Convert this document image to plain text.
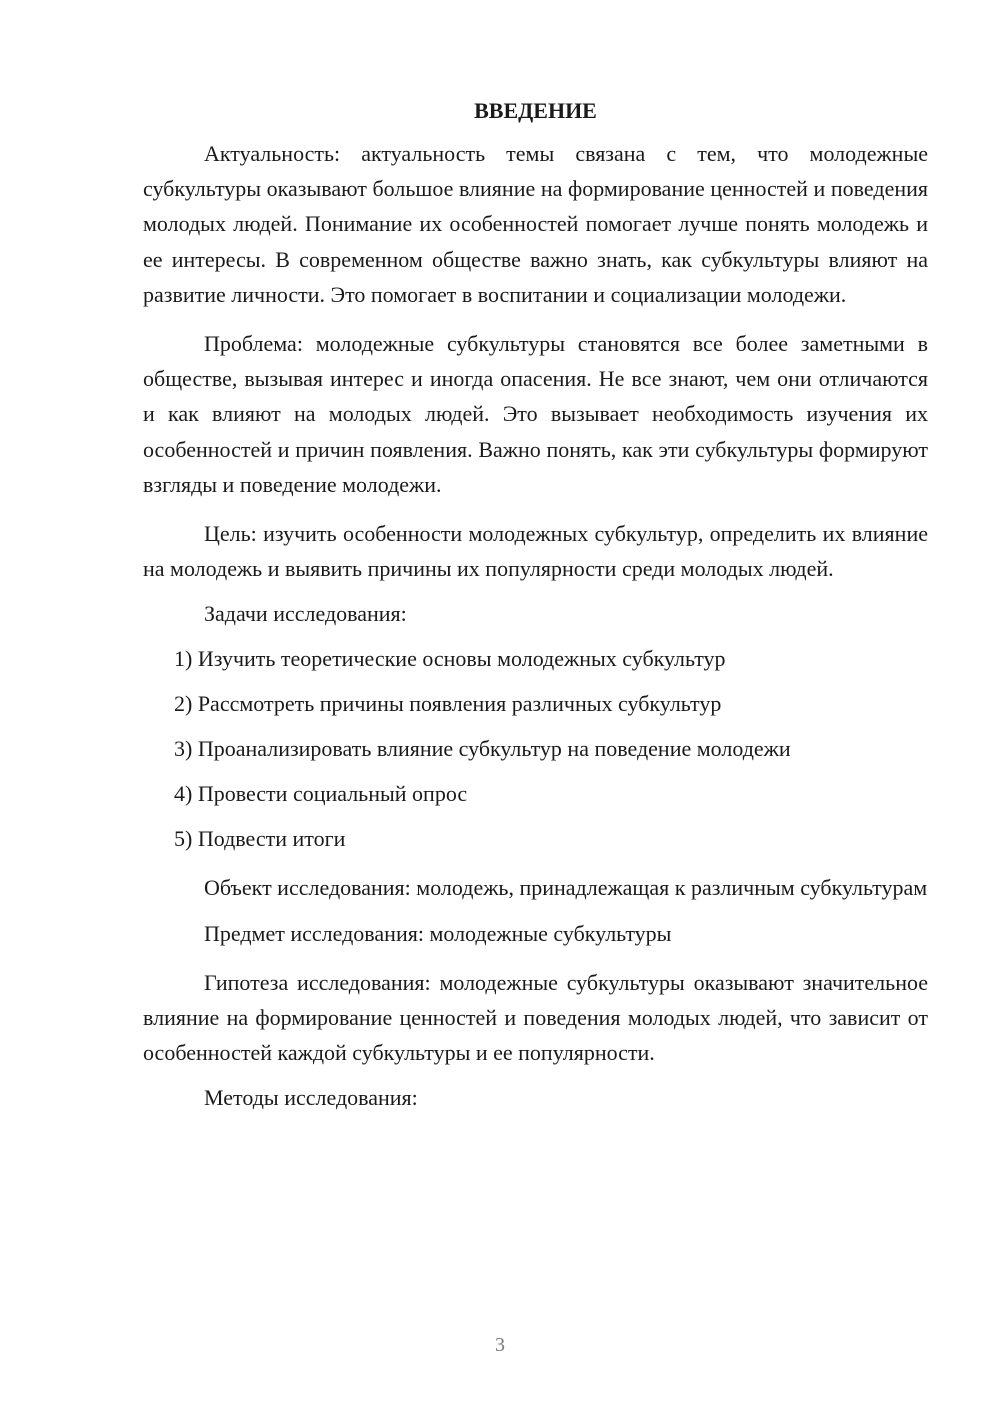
ВВЕДЕНИЕ

Актуальность: актуальность темы связана с тем, что молодежные субкультуры оказывают большое влияние на формирование ценностей и поведения молодых людей. Понимание их особенностей помогает лучше понять молодежь и ее интересы. В современном обществе важно знать, как субкультуры влияют на развитие личности. Это помогает в воспитании и социализации молодежи.

Проблема: молодежные субкультуры становятся все более заметными в обществе, вызывая интерес и иногда опасения. Не все знают, чем они отличаются и как влияют на молодых людей. Это вызывает необходимость изучения их особенностей и причин появления. Важно понять, как эти субкультуры формируют взгляды и поведение молодежи.

Цель: изучить особенности молодежных субкультур, определить их влияние на молодежь и выявить причины их популярности среди молодых людей.

Задачи исследования:

1) Изучить теоретические основы молодежных субкультур
2) Рассмотреть причины появления различных субкультур
3) Проанализировать влияние субкультур на поведение молодежи
4) Провести социальный опрос
5) Подвести итоги

Объект исследования: молодежь, принадлежащая к различным субкультурам

Предмет исследования: молодежные субкультуры

Гипотеза исследования: молодежные субкультуры оказывают значительное влияние на формирование ценностей и поведения молодых людей, что зависит от особенностей каждой субкультуры и ее популярности.

Методы исследования:

3
